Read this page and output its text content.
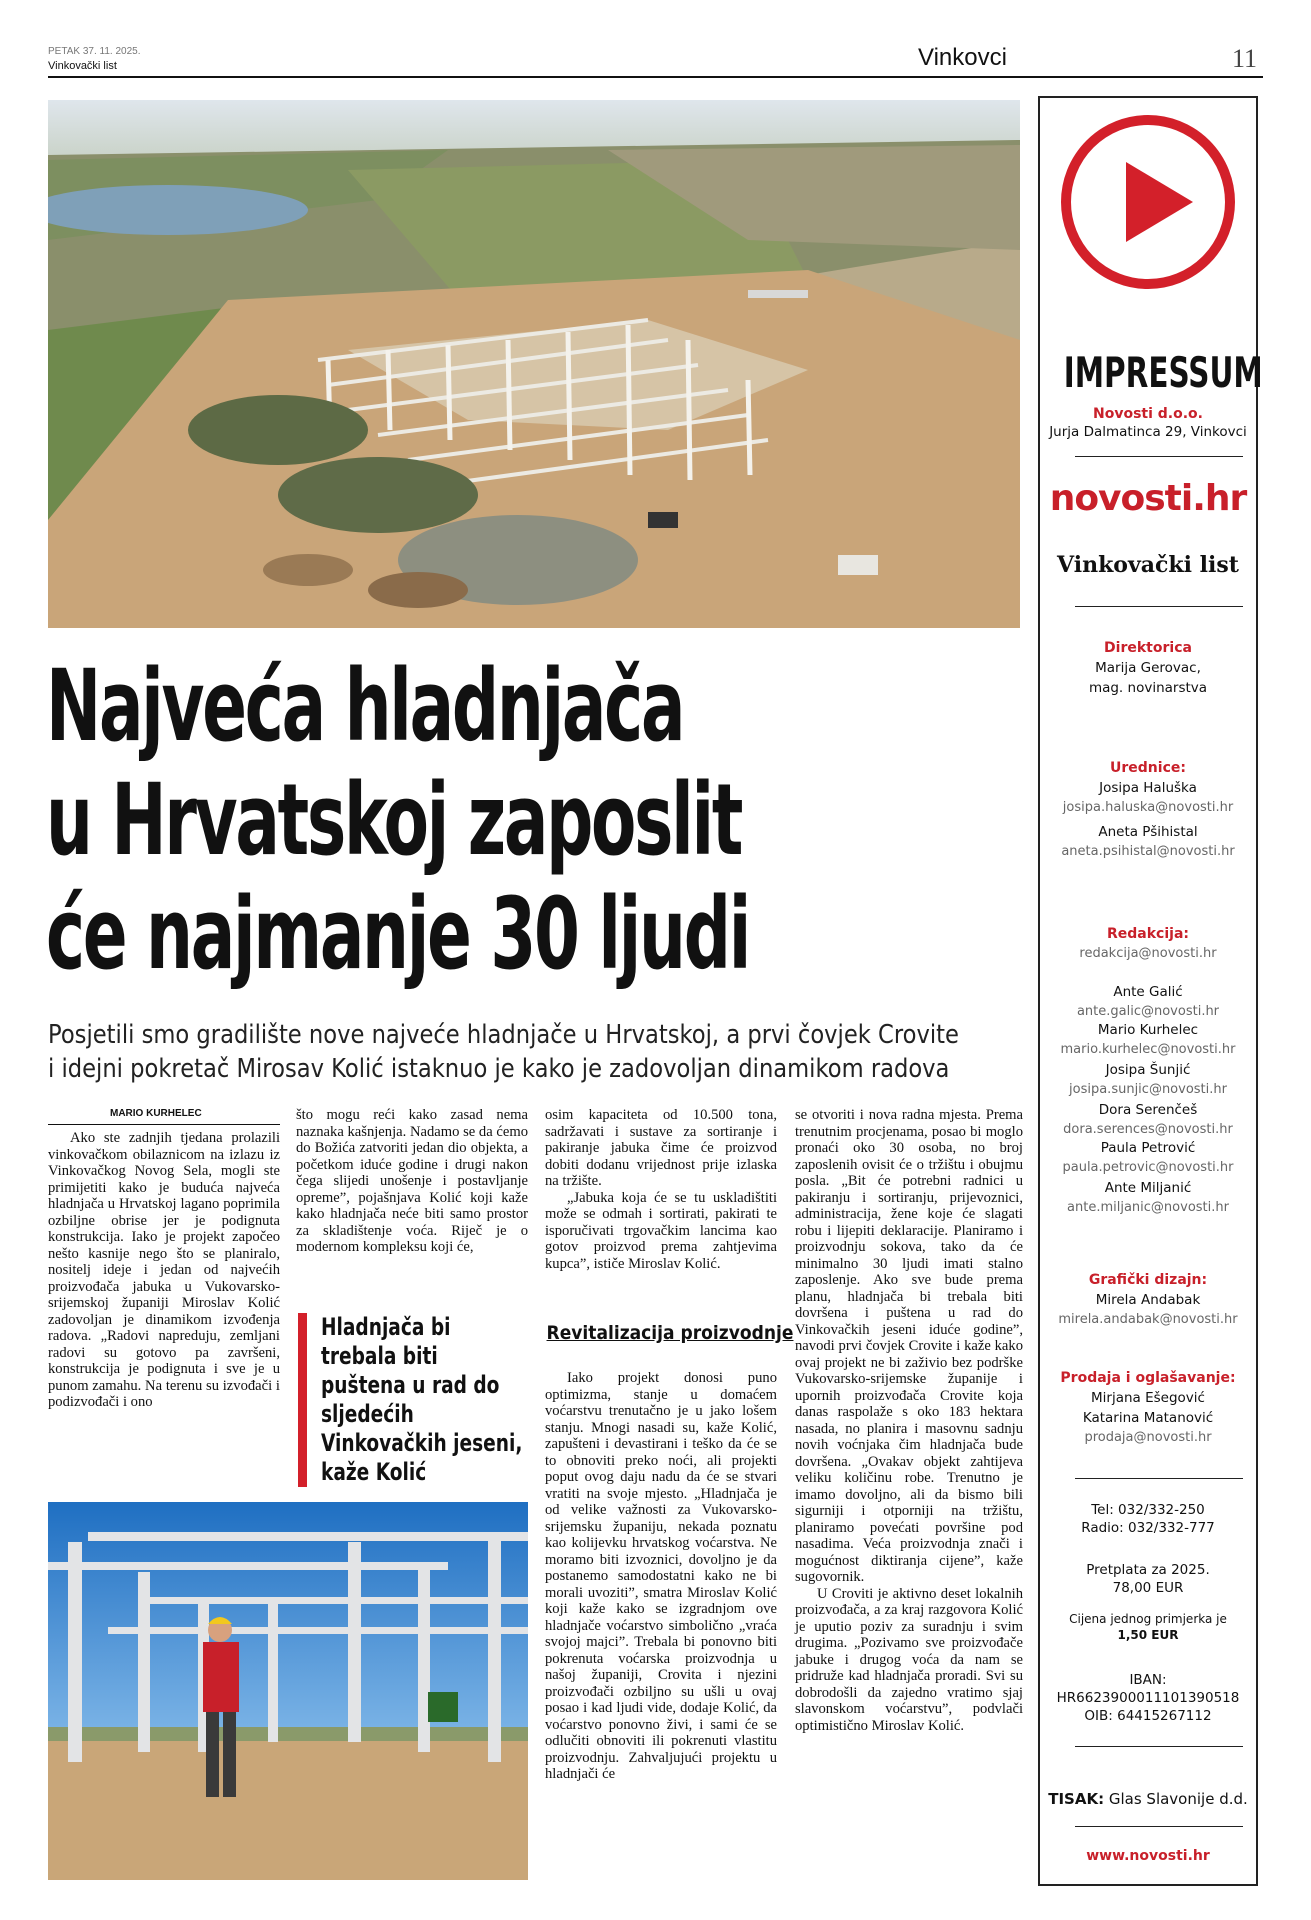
PETAK 37. 11. 2025.
Vinkovački list	Vinkovci	11
Najveća hladnjača
u Hrvatskoj zaposlit
će najmanje 30 ljudi
Posjetili smo gradilište nove najveće hladnjače u Hrvatskoj, a prvi čovjek Crovite
i idejni pokretač Mirosav Kolić istaknuo je kako je zadovoljan dinamikom radova
MARIO KURHELEC

Ako ste zadnjih tjedana prolazili vinkovačkom obilaznicom na izlazu iz Vinkovačkog Novog Sela, mogli ste primijetiti kako je buduća najveća hladnjača u Hrvatskoj lagano poprimila ozbiljne obrise jer je podignuta konstrukcija. Iako je projekt započeo nešto kasnije nego što se planiralo, nositelj ideje i jedan od najvećih proizvođača jabuka u Vukovarsko-srijemskoj županiji Miroslav Kolić zadovoljan je dinamikom izvođenja radova. „Radovi napreduju, zemljani radovi su gotovo pa završeni, konstrukcija je podignuta i sve je u punom zamahu. Na terenu su izvođači i podizvođači i ono

što mogu reći kako zasad nema naznaka kašnjenja. Nadamo se da ćemo do Božića zatvoriti jedan dio objekta, a početkom iduće godine i drugi nakon čega slijedi unošenje i postavljanje opreme”, pojašnjava Kolić koji kaže kako hladnjača neće biti samo prostor za skladištenje voća. Riječ je o modernom kompleksu koji će,

Hladnjača bi trebala biti puštena u rad do sljedećih Vinkovačkih jeseni, kaže Kolić

osim kapaciteta od 10.500 tona, sadržavati i sustave za sortiranje i pakiranje jabuka čime će proizvod dobiti dodanu vrijednost prije izlaska na tržište.

„Jabuka koja će se tu uskladištiti može se odmah i sortirati, pakirati te isporučivati trgovačkim lancima kao gotov proizvod prema zahtjevima kupca”, ističe Miroslav Kolić.

Revitalizacija proizvodnje

Iako projekt donosi puno optimizma, stanje u domaćem voćarstvu trenutačno je u jako lošem stanju. Mnogi nasadi su, kaže Kolić, zapušteni i devastirani i teško da će se to obnoviti preko noći, ali projekti poput ovog daju nadu da će se stvari vratiti na svoje mjesto. „Hladnjača je od velike važnosti za Vukovarsko-srijemsku županiju, nekada poznatu kao kolijevku hrvatskog voćarstva. Ne moramo biti izvoznici, dovoljno je da postanemo samodostatni kako ne bi morali uvoziti”, smatra Miroslav Kolić koji kaže kako se izgradnjom ove hladnjače voćarstvo simbolično „vraća svojoj majci”. Trebala bi ponovno biti pokrenuta voćarska proizvodnja u našoj županiji, Crovita i njezini proizvođači ozbiljno su ušli u ovaj posao i kad ljudi vide, dodaje Kolić, da voćarstvo ponovno živi, i sami će se odlučiti obnoviti ili pokrenuti vlastitu proizvodnju. Zahvaljujući projektu u hladnjači će

se otvoriti i nova radna mjesta. Prema trenutnim procjenama, posao bi moglo pronaći oko 30 osoba, no broj zaposlenih ovisit će o tržištu i obujmu posla. „Bit će potrebni radnici u pakiranju i sortiranju, prijevoznici, administracija, žene koje će slagati robu i lijepiti deklaracije. Planiramo i proizvodnju sokova, tako da će minimalno 30 ljudi imati stalno zaposlenje. Ako sve bude prema planu, hladnjača bi trebala biti dovršena i puštena u rad do Vinkovačkih jeseni iduće godine”, navodi prvi čovjek Crovite i kaže kako ovaj projekt ne bi zaživio bez podrške Vukovarsko-srijemske županije i upornih proizvođača Crovite koja danas raspolaže s oko 183 hektara nasada, no planira i masovnu sadnju novih voćnjaka čim hladnjača bude dovršena. „Ovakav objekt zahtijeva veliku količinu robe. Trenutno je imamo dovoljno, ali da bismo bili sigurniji i otporniji na tržištu, planiramo povećati površine pod nasadima. Veća proizvodnja znači i mogućnost diktiranja cijene”, kaže sugovornik.

U Croviti je aktivno deset lokalnih proizvođača, a za kraj razgovora Kolić je uputio poziv za suradnju i svim drugima. „Pozivamo sve proizvođače jabuke i drugog voća da nam se pridruže kad hladnjača proradi. Svi su dobrodošli da zajedno vratimo sjaj slavonskom voćarstvu”, podvlači optimistično Miroslav Kolić.

IMPRESSUM
Novosti d.o.o.
Jurja Dalmatinca 29, Vinkovci
novosti.hr
Vinkovački list
Direktorica
Marija Gerovac,
mag. novinarstva
Urednice:
Josipa Haluška
josipa.haluska@novosti.hr
Aneta Pšihistal
aneta.psihistal@novosti.hr
Redakcija:
redakcija@novosti.hr
Ante Galić
ante.galic@novosti.hr
Mario Kurhelec
mario.kurhelec@novosti.hr
Josipa Šunjić
josipa.sunjic@novosti.hr
Dora Serenčeš
dora.serences@novosti.hr
Paula Petrović
paula.petrovic@novosti.hr
Ante Miljanić
ante.miljanic@novosti.hr
Grafički dizajn:
Mirela Andabak
mirela.andabak@novosti.hr
Prodaja i oglašavanje:
Mirjana Ešegović
Katarina Matanović
prodaja@novosti.hr
Tel: 032/332-250
Radio: 032/332-777
Pretplata za 2025.
78,00 EUR
Cijena jednog primjerka je
1,50 EUR
IBAN:
HR6623900011101390518
OIB: 64415267112
TISAK: Glas Slavonije d.d.
www.novosti.hr
